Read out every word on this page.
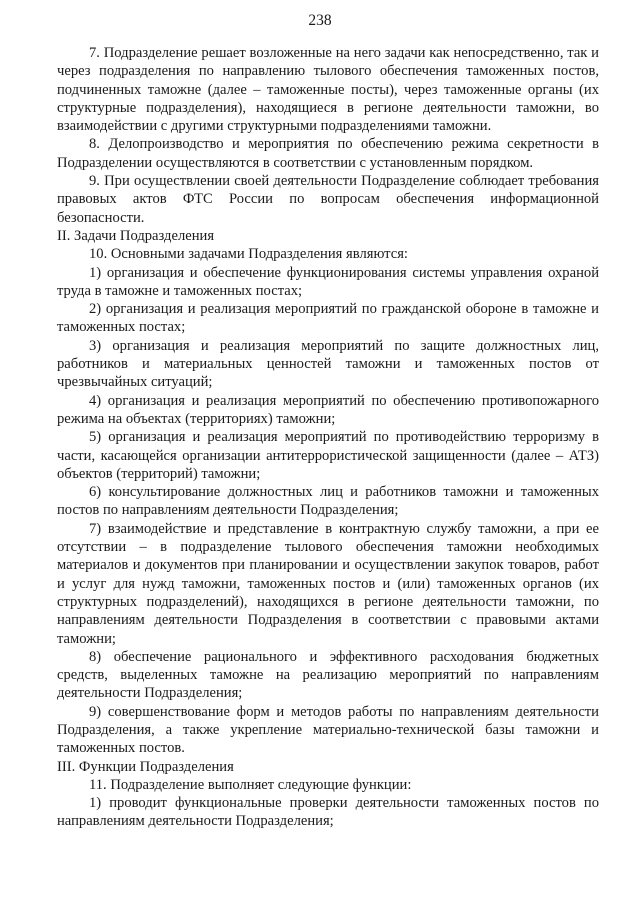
238

7. Подразделение решает возложенные на него задачи как непосредственно, так и через подразделения по направлению тылового обеспечения таможенных постов, подчиненных таможне (далее – таможенные посты), через таможенные органы (их структурные подразделения), находящиеся в регионе деятельности таможни, во взаимодействии с другими структурными подразделениями таможни.

8. Делопроизводство и мероприятия по обеспечению режима секретности в Подразделении осуществляются в соответствии с установленным порядком.

9. При осуществлении своей деятельности Подразделение соблюдает требования правовых актов ФТС России по вопросам обеспечения информационной безопасности.

II. Задачи Подразделения

10. Основными задачами Подразделения являются:

1) организация и обеспечение функционирования системы управления охраной труда в таможне и таможенных постах;

2) организация и реализация мероприятий по гражданской обороне в таможне и таможенных постах;

3) организация и реализация мероприятий по защите должностных лиц, работников и материальных ценностей таможни и таможенных постов от чрезвычайных ситуаций;

4) организация и реализация мероприятий по обеспечению противопожарного режима на объектах (территориях) таможни;

5) организация и реализация мероприятий по противодействию терроризму в части, касающейся организации антитеррористической защищенности (далее – АТЗ) объектов (территорий) таможни;

6) консультирование должностных лиц и работников таможни и таможенных постов по направлениям деятельности Подразделения;

7) взаимодействие и представление в контрактную службу таможни, а при ее отсутствии – в подразделение тылового обеспечения таможни необходимых материалов и документов при планировании и осуществлении закупок товаров, работ и услуг для нужд таможни, таможенных постов и (или) таможенных органов (их структурных подразделений), находящихся в регионе деятельности таможни, по направлениям деятельности Подразделения в соответствии с правовыми актами таможни;

8) обеспечение рационального и эффективного расходования бюджетных средств, выделенных таможне на реализацию мероприятий по направлениям деятельности Подразделения;

9) совершенствование форм и методов работы по направлениям деятельности Подразделения, а также укрепление материально-технической базы таможни и таможенных постов.

III. Функции Подразделения

11. Подразделение выполняет следующие функции:

1) проводит функциональные проверки деятельности таможенных постов по направлениям деятельности Подразделения;
